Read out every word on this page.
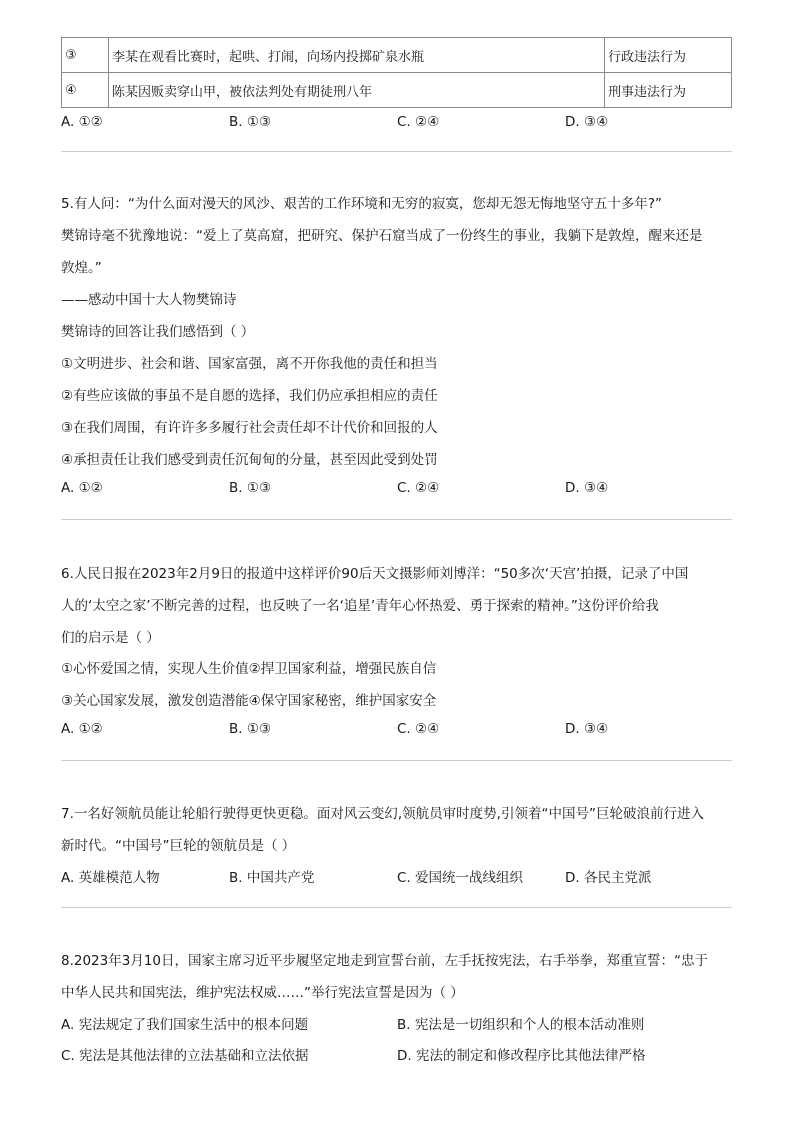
③	李某在观看比赛时，起哄、打闹，向场内投掷矿泉水瓶	行政违法行为
④	陈某因贩卖穿山甲，被依法判处有期徒刑八年	刑事违法行为
A. ①②	B. ①③	C. ②④	D. ③④
5.有人问：“为什么面对漫天的风沙、艰苦的工作环境和无穷的寂寞，您却无怨无悔地坚守五十多年?”
樊锦诗毫不犹豫地说：“爱上了莫高窟，把研究、保护石窟当成了一份终生的事业，我躺下是敦煌，醒来还是
敦煌。”
——感动中国十大人物樊锦诗
樊锦诗的回答让我们感悟到（ ）
①文明进步、社会和谐、国家富强，离不开你我他的责任和担当
②有些应该做的事虽不是自愿的选择，我们仍应承担相应的责任
③在我们周围，有许许多多履行社会责任却不计代价和回报的人
④承担责任让我们感受到责任沉甸甸的分量，甚至因此受到处罚
A. ①②	B. ①③	C. ②④	D. ③④
6.人民日报在2023年2月9日的报道中这样评价90后天文摄影师刘博洋：“50多次‘天宫’拍摄，记录了中国
人的‘太空之家’不断完善的过程，也反映了一名‘追星’青年心怀热爱、勇于探索的精神。”这份评价给我
们的启示是（ ）
①心怀爱国之情，实现人生价值②捍卫国家利益，增强民族自信
③关心国家发展，激发创造潜能④保守国家秘密，维护国家安全
A. ①②	B. ①③	C. ②④	D. ③④
7.一名好领航员能让轮船行驶得更快更稳。面对风云变幻,领航员审时度势,引领着“中国号”巨轮破浪前行进入
新时代。“中国号”巨轮的领航员是（ ）
A. 英雄模范人物	B. 中国共产党	C. 爱国统一战线组织	D. 各民主党派
8.2023年3月10日，国家主席习近平步履坚定地走到宣誓台前，左手抚按宪法，右手举拳，郑重宣誓：“忠于
中华人民共和国宪法，维护宪法权威……”举行宪法宣誓是因为（ ）
A. 宪法规定了我们国家生活中的根本问题	B. 宪法是一切组织和个人的根本活动准则
C. 宪法是其他法律的立法基础和立法依据	D. 宪法的制定和修改程序比其他法律严格
